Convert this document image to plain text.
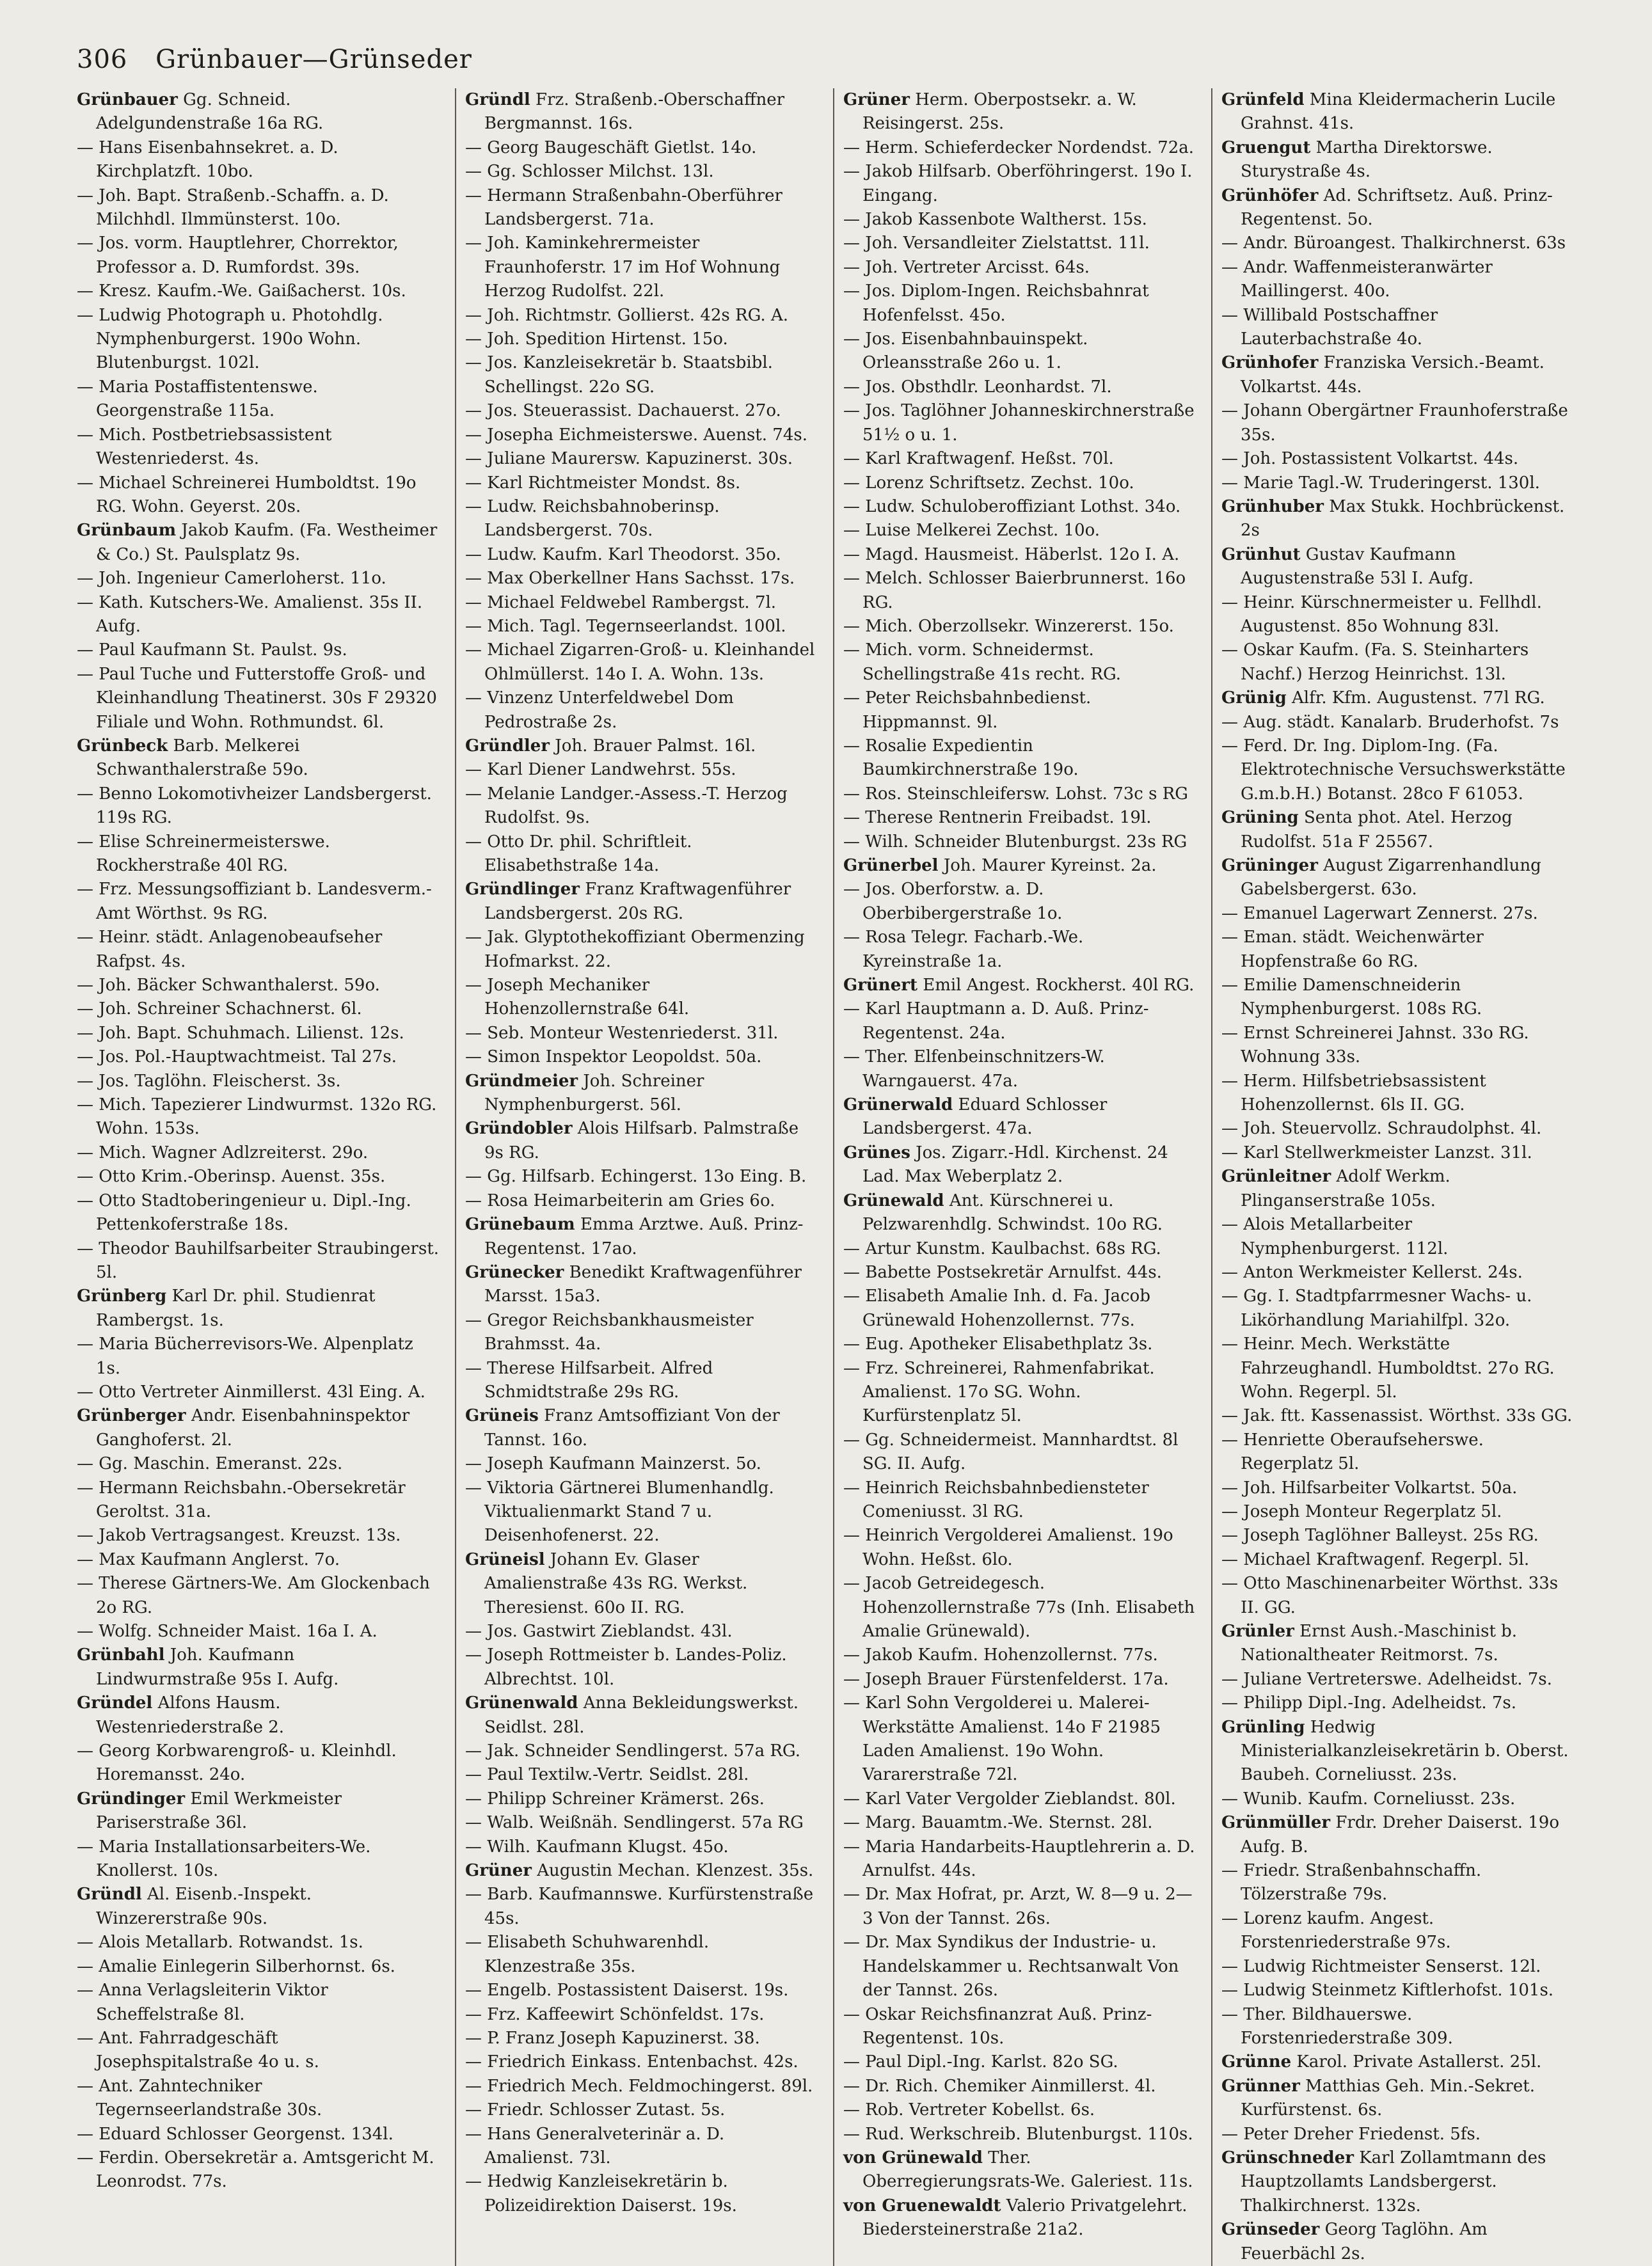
306 Grünbauer—Grünseder

Grünbauer Gg. Schneid. Adelgundenstraße 16a RG.

— Hans Eisenbahnsekret. a. D. Kirchplatzft. 10bo.

— Joh. Bapt. Straßenb.-Schaffn. a. D. Milchhdl. Ilmmünsterst. 10o.

— Jos. vorm. Hauptlehrer, Chorrektor, Professor a. D. Rumfordst. 39s.

— Kresz. Kaufm.-We. Gaißacherst. 10s.

— Ludwig Photograph u. Photohdlg. Nymphenburgerst. 190o Wohn. Blutenburgst. 102l.

— Maria Postaffistentenswe. Georgenstraße 115a.

— Mich. Postbetriebsassistent Westenriederst. 4s.

— Michael Schreinerei Humboldtst. 19o RG. Wohn. Geyerst. 20s.

Grünbaum Jakob Kaufm. (Fa. Westheimer & Co.) St. Paulsplatz 9s.

— Joh. Ingenieur Camerloherst. 11o.

— Kath. Kutschers-We. Amalienst. 35s II. Aufg.

— Paul Kaufmann St. Paulst. 9s.

— Paul Tuche und Futterstoffe Groß- und Kleinhandlung Theatinerst. 30s F 29320 Filiale und Wohn. Rothmundst. 6l.

Grünbeck Barb. Melkerei Schwanthalerstraße 59o.

— Benno Lokomotivheizer Landsbergerst. 119s RG.

— Elise Schreinermeisterswe. Rockherstraße 40l RG.

— Frz. Messungsoffiziant b. Landesverm.-Amt Wörthst. 9s RG.

— Heinr. städt. Anlagenobeaufseher Rafpst. 4s.

— Joh. Bäcker Schwanthalerst. 59o.

— Joh. Schreiner Schachnerst. 6l.

— Joh. Bapt. Schuhmach. Lilienst. 12s.

— Jos. Pol.-Hauptwachtmeist. Tal 27s.

— Jos. Taglöhn. Fleischerst. 3s.

— Mich. Tapezierer Lindwurmst. 132o RG. Wohn. 153s.

— Mich. Wagner Adlzreiterst. 29o.

— Otto Krim.-Oberinsp. Auenst. 35s.

— Otto Stadtoberingenieur u. Dipl.-Ing. Pettenkoferstraße 18s.

— Theodor Bauhilfsarbeiter Straubingerst. 5l.

Grünberg Karl Dr. phil. Studienrat Rambergst. 1s.

— Maria Bücherrevisors-We. Alpenplatz 1s.

— Otto Vertreter Ainmillerst. 43l Eing. A.

Grünberger Andr. Eisenbahninspektor Ganghoferst. 2l.

— Gg. Maschin. Emeranst. 22s.

— Hermann Reichsbahn.-Obersekretär Geroltst. 31a.

— Jakob Vertragsangest. Kreuzst. 13s.

— Max Kaufmann Anglerst. 7o.

— Therese Gärtners-We. Am Glockenbach 2o RG.

— Wolfg. Schneider Maist. 16a I. A.

Grünbahl Joh. Kaufmann Lindwurmstraße 95s I. Aufg.

Gründel Alfons Hausm. Westenriederstraße 2.

— Georg Korbwarengroß- u. Kleinhdl. Horemansst. 24o.

Gründinger Emil Werkmeister Pariserstraße 36l.

— Maria Installationsarbeiters-We. Knollerst. 10s.

Gründl Al. Eisenb.-Inspekt. Winzererstraße 90s.

— Alois Metallarb. Rotwandst. 1s.

— Amalie Einlegerin Silberhornst. 6s.

— Anna Verlagsleiterin Viktor Scheffelstraße 8l.

— Ant. Fahrradgeschäft Josephspitalstraße 4o u. s.

— Ant. Zahntechniker Tegernseerlandstraße 30s.

— Eduard Schlosser Georgenst. 134l.

— Ferdin. Obersekretär a. Amtsgericht M. Leonrodst. 77s.

Gründl Frz. Straßenb.-Oberschaffner Bergmannst. 16s.

— Georg Baugeschäft Gietlst. 14o.

— Gg. Schlosser Milchst. 13l.

— Hermann Straßenbahn-Oberführer Landsbergerst. 71a.

— Joh. Kaminkehrermeister Fraunhoferstr. 17 im Hof Wohnung Herzog Rudolfst. 22l.

— Joh. Richtmstr. Gollierst. 42s RG. A.

— Joh. Spedition Hirtenst. 15o.

— Jos. Kanzleisekretär b. Staatsbibl. Schellingst. 22o SG.

— Jos. Steuerassist. Dachauerst. 27o.

— Josepha Eichmeisterswe. Auenst. 74s.

— Juliane Maurersw. Kapuzinerst. 30s.

— Karl Richtmeister Mondst. 8s.

— Ludw. Reichsbahnoberinsp. Landsbergerst. 70s.

— Ludw. Kaufm. Karl Theodorst. 35o.

— Max Oberkellner Hans Sachsst. 17s.

— Michael Feldwebel Rambergst. 7l.

— Mich. Tagl. Tegernseerlandst. 100l.

— Michael Zigarren-Groß- u. Kleinhandel Ohlmüllerst. 14o I. A. Wohn. 13s.

— Vinzenz Unterfeldwebel Dom Pedrostraße 2s.

Gründler Joh. Brauer Palmst. 16l.

— Karl Diener Landwehrst. 55s.

— Melanie Landger.-Assess.-T. Herzog Rudolfst. 9s.

— Otto Dr. phil. Schriftleit. Elisabethstraße 14a.

Gründlinger Franz Kraftwagenführer Landsbergerst. 20s RG.

— Jak. Glyptothekoffiziant Obermenzing Hofmarkst. 22.

— Joseph Mechaniker Hohenzollernstraße 64l.

— Seb. Monteur Westenriederst. 31l.

— Simon Inspektor Leopoldst. 50a.

Gründmeier Joh. Schreiner Nymphenburgerst. 56l.

Gründobler Alois Hilfsarb. Palmstraße 9s RG.

— Gg. Hilfsarb. Echingerst. 13o Eing. B.

— Rosa Heimarbeiterin am Gries 6o.

Grünebaum Emma Arztwe. Auß. Prinz-Regentenst. 17ao.

Grünecker Benedikt Kraftwagenführer Marsst. 15a3.

— Gregor Reichsbankhausmeister Brahmsst. 4a.

— Therese Hilfsarbeit. Alfred Schmidtstraße 29s RG.

Grüneis Franz Amtsoffiziant Von der Tannst. 16o.

— Joseph Kaufmann Mainzerst. 5o.

— Viktoria Gärtnerei Blumenhandlg. Viktualienmarkt Stand 7 u. Deisenhofenerst. 22.

Grüneisl Johann Ev. Glaser Amalienstraße 43s RG. Werkst. Theresienst. 60o II. RG.

— Jos. Gastwirt Zieblandst. 43l.

— Joseph Rottmeister b. Landes-Poliz. Albrechtst. 10l.

Grünenwald Anna Bekleidungswerkst. Seidlst. 28l.

— Jak. Schneider Sendlingerst. 57a RG.

— Paul Textilw.-Vertr. Seidlst. 28l.

— Philipp Schreiner Krämerst. 26s.

— Walb. Weißnäh. Sendlingerst. 57a RG

— Wilh. Kaufmann Klugst. 45o.

Grüner Augustin Mechan. Klenzest. 35s.

— Barb. Kaufmannswe. Kurfürstenstraße 45s.

— Elisabeth Schuhwarenhdl. Klenzestraße 35s.

— Engelb. Postassistent Daiserst. 19s.

— Frz. Kaffeewirt Schönfeldst. 17s.

— P. Franz Joseph Kapuzinerst. 38.

— Friedrich Einkass. Entenbachst. 42s.

— Friedrich Mech. Feldmochingerst. 89l.

— Friedr. Schlosser Zutast. 5s.

— Hans Generalveterinär a. D. Amalienst. 73l.

— Hedwig Kanzleisekretärin b. Polizeidirektion Daiserst. 19s.

Grüner Herm. Oberpostsekr. a. W. Reisingerst. 25s.

— Herm. Schieferdecker Nordendst. 72a.

— Jakob Hilfsarb. Oberföhringerst. 19o I. Eingang.

— Jakob Kassenbote Waltherst. 15s.

— Joh. Versandleiter Zielstattst. 11l.

— Joh. Vertreter Arcisst. 64s.

— Jos. Diplom-Ingen. Reichsbahnrat Hofenfelsst. 45o.

— Jos. Eisenbahnbauinspekt. Orleansstraße 26o u. 1.

— Jos. Obsthdlr. Leonhardst. 7l.

— Jos. Taglöhner Johanneskirchnerstraße 51½ o u. 1.

— Karl Kraftwagenf. Heßst. 70l.

— Lorenz Schriftsetz. Zechst. 10o.

— Ludw. Schuloberoffiziant Lothst. 34o.

— Luise Melkerei Zechst. 10o.

— Magd. Hausmeist. Häberlst. 12o I. A.

— Melch. Schlosser Baierbrunnerst. 16o RG.

— Mich. Oberzollsekr. Winzererst. 15o.

— Mich. vorm. Schneidermst. Schellingstraße 41s recht. RG.

— Peter Reichsbahnbedienst. Hippmannst. 9l.

— Rosalie Expedientin Baumkirchnerstraße 19o.

— Ros. Steinschleifersw. Lohst. 73c s RG

— Therese Rentnerin Freibadst. 19l.

— Wilh. Schneider Blutenburgst. 23s RG

Grünerbel Joh. Maurer Kyreinst. 2a.

— Jos. Oberforstw. a. D. Oberbibergerstraße 1o.

— Rosa Telegr. Facharb.-We. Kyreinstraße 1a.

Grünert Emil Angest. Rockherst. 40l RG.

— Karl Hauptmann a. D. Auß. Prinz-Regentenst. 24a.

— Ther. Elfenbeinschnitzers-W. Warngauerst. 47a.

Grünerwald Eduard Schlosser Landsbergerst. 47a.

Grünes Jos. Zigarr.-Hdl. Kirchenst. 24 Lad. Max Weberplatz 2.

Grünewald Ant. Kürschnerei u. Pelzwarenhdlg. Schwindst. 10o RG.

— Artur Kunstm. Kaulbachst. 68s RG.

— Babette Postsekretär Arnulfst. 44s.

— Elisabeth Amalie Inh. d. Fa. Jacob Grünewald Hohenzollernst. 77s.

— Eug. Apotheker Elisabethplatz 3s.

— Frz. Schreinerei, Rahmenfabrikat. Amalienst. 17o SG. Wohn. Kurfürstenplatz 5l.

— Gg. Schneidermeist. Mannhardtst. 8l SG. II. Aufg.

— Heinrich Reichsbahnbediensteter Comeniusst. 3l RG.

— Heinrich Vergolderei Amalienst. 19o Wohn. Heßst. 6lo.

— Jacob Getreidegesch. Hohenzollernstraße 77s (Inh. Elisabeth Amalie Grünewald).

— Jakob Kaufm. Hohenzollernst. 77s.

— Joseph Brauer Fürstenfelderst. 17a.

— Karl Sohn Vergolderei u. Malerei-Werkstätte Amalienst. 14o F 21985 Laden Amalienst. 19o Wohn. Vararerstraße 72l.

— Karl Vater Vergolder Zieblandst. 80l.

— Marg. Bauamtm.-We. Sternst. 28l.

— Maria Handarbeits-Hauptlehrerin a. D. Arnulfst. 44s.

— Dr. Max Hofrat, pr. Arzt, W. 8—9 u. 2—3 Von der Tannst. 26s.

— Dr. Max Syndikus der Industrie- u. Handelskammer u. Rechtsanwalt Von der Tannst. 26s.

— Oskar Reichsfinanzrat Auß. Prinz-Regentenst. 10s.

— Paul Dipl.-Ing. Karlst. 82o SG.

— Dr. Rich. Chemiker Ainmillerst. 4l.

— Rob. Vertreter Kobellst. 6s.

— Rud. Werkschreib. Blutenburgst. 110s.

von Grünewald Ther. Oberregierungsrats-We. Galeriest. 11s.

von Gruenewaldt Valerio Privatgelehrt. Biedersteinerstraße 21a2.

Grünfeld Mina Kleidermacherin Lucile Grahnst. 41s.

Gruengut Martha Direktorswe. Sturystraße 4s.

Grünhöfer Ad. Schriftsetz. Auß. Prinz-Regentenst. 5o.

— Andr. Büroangest. Thalkirchnerst. 63s

— Andr. Waffenmeisteranwärter Maillingerst. 40o.

— Willibald Postschaffner Lauterbachstraße 4o.

Grünhofer Franziska Versich.-Beamt. Volkartst. 44s.

— Johann Obergärtner Fraunhoferstraße 35s.

— Joh. Postassistent Volkartst. 44s.

— Marie Tagl.-W. Truderingerst. 130l.

Grünhuber Max Stukk. Hochbrückenst. 2s

Grünhut Gustav Kaufmann Augustenstraße 53l I. Aufg.

— Heinr. Kürschnermeister u. Fellhdl. Augustenst. 85o Wohnung 83l.

— Oskar Kaufm. (Fa. S. Steinharters Nachf.) Herzog Heinrichst. 13l.

Grünig Alfr. Kfm. Augustenst. 77l RG.

— Aug. städt. Kanalarb. Bruderhofst. 7s

— Ferd. Dr. Ing. Diplom-Ing. (Fa. Elektrotechnische Versuchswerkstätte G.m.b.H.) Botanst. 28co F 61053.

Grüning Senta phot. Atel. Herzog Rudolfst. 51a F 25567.

Grüninger August Zigarrenhandlung Gabelsbergerst. 63o.

— Emanuel Lagerwart Zennerst. 27s.

— Eman. städt. Weichenwärter Hopfenstraße 6o RG.

— Emilie Damenschneiderin Nymphenburgerst. 108s RG.

— Ernst Schreinerei Jahnst. 33o RG. Wohnung 33s.

— Herm. Hilfsbetriebsassistent Hohenzollernst. 6ls II. GG.

— Joh. Steuervollz. Schraudolphst. 4l.

— Karl Stellwerkmeister Lanzst. 31l.

Grünleitner Adolf Werkm. Plinganserstraße 105s.

— Alois Metallarbeiter Nymphenburgerst. 112l.

— Anton Werkmeister Kellerst. 24s.

— Gg. I. Stadtpfarrmesner Wachs- u. Likörhandlung Mariahilfpl. 32o.

— Heinr. Mech. Werkstätte Fahrzeughandl. Humboldtst. 27o RG. Wohn. Regerpl. 5l.

— Jak. ftt. Kassenassist. Wörthst. 33s GG.

— Henriette Oberaufseherswe. Regerplatz 5l.

— Joh. Hilfsarbeiter Volkartst. 50a.

— Joseph Monteur Regerplatz 5l.

— Joseph Taglöhner Balleyst. 25s RG.

— Michael Kraftwagenf. Regerpl. 5l.

— Otto Maschinenarbeiter Wörthst. 33s II. GG.

Grünler Ernst Aush.-Maschinist b. Nationaltheater Reitmorst. 7s.

— Juliane Vertreterswe. Adelheidst. 7s.

— Philipp Dipl.-Ing. Adelheidst. 7s.

Grünling Hedwig Ministerialkanzleisekretärin b. Oberst. Baubeh. Corneliusst. 23s.

— Wunib. Kaufm. Corneliusst. 23s.

Grünmüller Frdr. Dreher Daiserst. 19o Aufg. B.

— Friedr. Straßenbahnschaffn. Tölzerstraße 79s.

— Lorenz kaufm. Angest. Forstenriederstraße 97s.

— Ludwig Richtmeister Senserst. 12l.

— Ludwig Steinmetz Kiftlerhofst. 101s.

— Ther. Bildhauerswe. Forstenriederstraße 309.

Grünne Karol. Private Astallerst. 25l.

Grünner Matthias Geh. Min.-Sekret. Kurfürstenst. 6s.

— Peter Dreher Friedenst. 5fs.

Grünschneder Karl Zollamtmann des Hauptzollamts Landsbergerst. Thalkirchnerst. 132s.

Grünseder Georg Taglöhn. Am Feuerbächl 2s.
